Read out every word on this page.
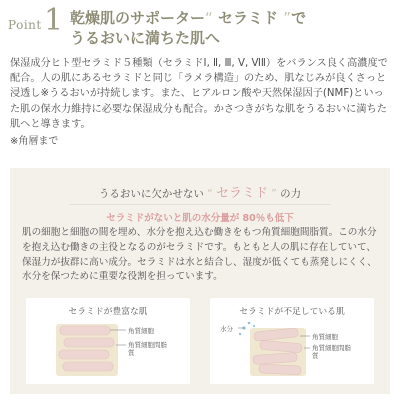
Point 1 乾燥肌のサポーター“ セラミド ”で
うるおいに満ちた肌へ
保湿成分ヒト型セラミド５種類（セラミドⅠ, Ⅱ, Ⅲ, Ⅴ, ⅥⅡ）をバランス良く高濃度で配合。人の肌にあるセラミドと同じ「ラメラ構造」のため、肌なじみが良くさっと浸透し※うるおいが持続します。また、ヒアルロン酸や天然保湿因子(NMF)といった肌の保水力維持に必要な保湿成分も配合。かさつきがちな肌をうるおいに満ちた肌へと導きます。
※角層まで
うるおいに欠かせない “ セラミド ” の力
セラミドがないと肌の水分量が 80％も低下
肌の細胞と細胞の間を埋め、水分を抱え込む働きをもつ角質細胞間脂質。この水分を抱え込む働きの主役となるのがセラミドです。もともと人の肌に存在していて、保湿力が抜群に高い成分。セラミドは水と結合し、湿度が低くても蒸発しにくく、水分を保つために重要な役割を担っています。
セラミドが豊富な肌
角質細胞
角質細胞間脂質
セラミドが不足している肌
水分
角質細胞
角質細胞間脂質
